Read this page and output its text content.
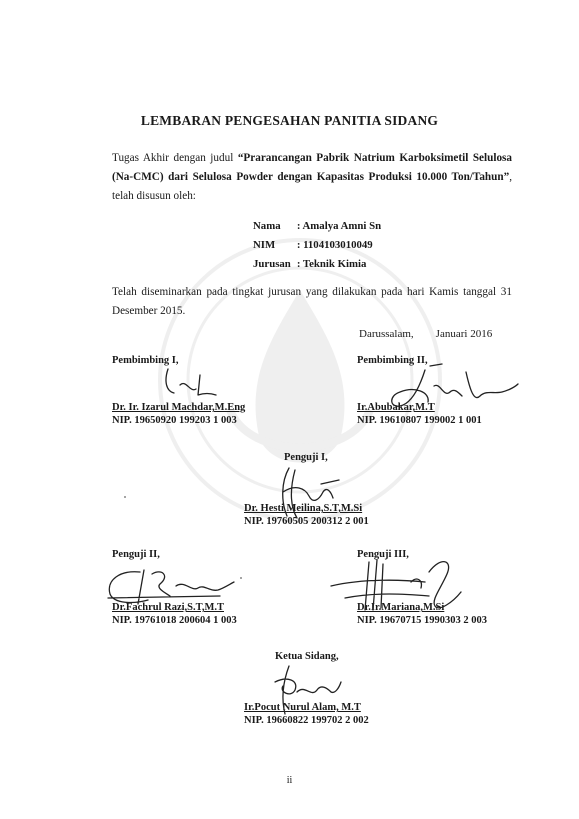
LEMBARAN PENGESAHAN PANITIA SIDANG
Tugas Akhir dengan judul “Prarancangan Pabrik Natrium Karboksimetil Selulosa (Na-CMC) dari Selulosa Powder dengan Kapasitas Produksi 10.000 Ton/Tahun”, telah disusun oleh:
Nama	: Amalya Amni Sn
NIM	: 1104103010049
Jurusan	: Teknik Kimia
Telah diseminarkan pada tingkat jurusan yang dilakukan pada hari Kamis tanggal 31 Desember 2015.
Darussalam,        Januari 2016
Pembimbing I,
Dr. Ir. Izarul Machdar,M.Eng
NIP. 19650920 199203 1 003
Pembimbing II,
Ir.Abubakar,M.T
NIP. 19610807 199002 1 001
Penguji I,
Dr. Hesti Meilina,S.T,M.Si
NIP. 19760505 200312 2 001
Penguji II,
Dr.Fachrul Razi,S.T,M.T
NIP. 19761018 200604 1 003
Penguji III,
Dr.Ir.Mariana,M.Si
NIP. 19670715 1990303 2 003
Ketua Sidang,
Ir.Pocut Nurul Alam, M.T
NIP. 19660822 199702 2 002
ii
